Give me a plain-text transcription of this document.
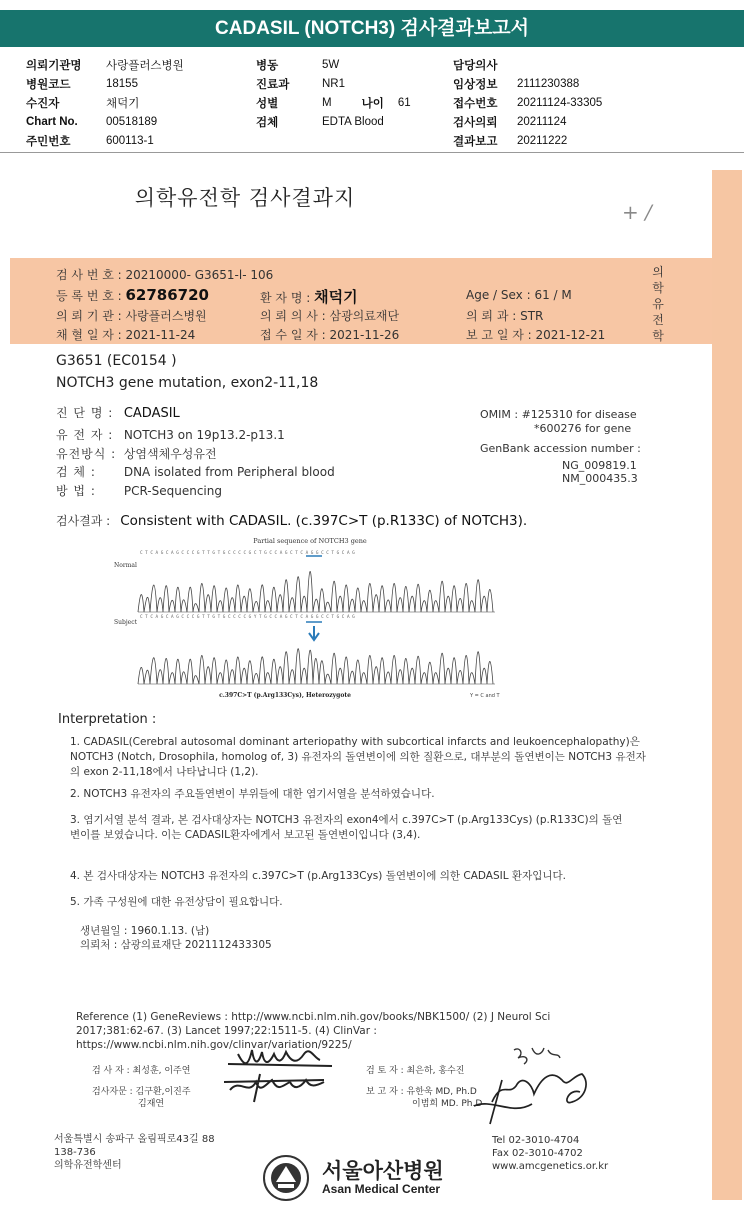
CADASIL (NOTCH3) 검사결과보고서
의뢰기관명	사랑플러스병원
병원코드	18155
수진자	채덕기
Chart No.	00518189
주민번호	600113-1
병동	5W
진료과	NR1
성별	M	나이 61
검체	EDTA Blood
담당의사
임상정보	2111230388
접수번호	20211124-33305
검사의뢰	20211124
결과보고	20211222
의학유전학 검사결과지
+ /
검 사 번 호 : 20210000- G3651-l- 106
등 록 번 호 : 62786720	환 자 명 : 채덕기	Age / Sex : 61 / M
의 뢰 기 관 : 사랑플러스병원	의 뢰 의 사 : 삼광의료재단	의 뢰 과 : STR
채 혈 일 자 : 2021-11-24	접 수 일 자 : 2021-11-26	보 고 일 자 : 2021-12-21
의
학
유
전
학
G3651 (EC0154 )
NOTCH3 gene mutation, exon2-11,18
진 단 명 : CADASIL
유 전 자 : NOTCH3 on 19p13.2-p13.1
유전방식 : 상염색체우성유전
검 체 : DNA isolated from Peripheral blood
방 법 : PCR-Sequencing
OMIM : #125310 for disease
*600276 for gene
GenBank accession number :
NG_009819.1
NM_000435.3
검사결과 : Consistent with CADASIL. (c.397C>T (p.R133C) of NOTCH3).
Partial sequence of NOTCH3 gene
C T C A G C A G C C C G T T G T G C C C C G C T G C C A G C T C A G G C C T G C A G
Normal
Subject
C T C A G C A G C C C G T T G T G C C C C G Y T G C C A G C T C A G G C C T G C A G
c.397C>T (p.Arg133Cys), Heterozygote	Y = C and T
Interpretation :
1. CADASIL(Cerebral autosomal dominant arteriopathy with subcortical infarcts and leukoencephalopathy)은 NOTCH3 (Notch, Drosophila, homolog of, 3) 유전자의 돌연변이에 의한 질환으로, 대부분의 돌연변이는 NOTCH3 유전자의 exon 2-11,18에서 나타납니다 (1,2).
2. NOTCH3 유전자의 주요돌연변이 부위들에 대한 염기서열을 분석하였습니다.
3. 염기서열 분석 결과, 본 검사대상자는 NOTCH3 유전자의 exon4에서 c.397C>T (p.Arg133Cys) (p.R133C)의 돌연변이를 보였습니다. 이는 CADASIL환자에게서 보고된 돌연변이입니다 (3,4).
4. 본 검사대상자는 NOTCH3 유전자의 c.397C>T (p.Arg133Cys) 돌연변이에 의한 CADASIL 환자입니다.
5. 가족 구성원에 대한 유전상담이 필요합니다.
생년월일 : 1960.1.13. (남)
의뢰처 : 삼광의료재단 2021112433305
Reference (1) GeneReviews : http://www.ncbi.nlm.nih.gov/books/NBK1500/ (2) J Neurol Sci 2017;381:62-67. (3) Lancet 1997;22:1511-5. (4) ClinVar : https://www.ncbi.nlm.nih.gov/clinvar/variation/9225/
검 사 자 : 최성훈, 이주연
검사자문 : 김구환,이진주
김재연
검 토 자 : 최은하, 홍수진
보 고 자 : 유한욱 MD, Ph.D
이범희 MD. Ph.D
서울특별시 송파구 올림픽로43길 88
138-736
의학유전학센터
Tel 02-3010-4704
Fax 02-3010-4702
www.amcgenetics.or.kr
서울아산병원
Asan Medical Center
